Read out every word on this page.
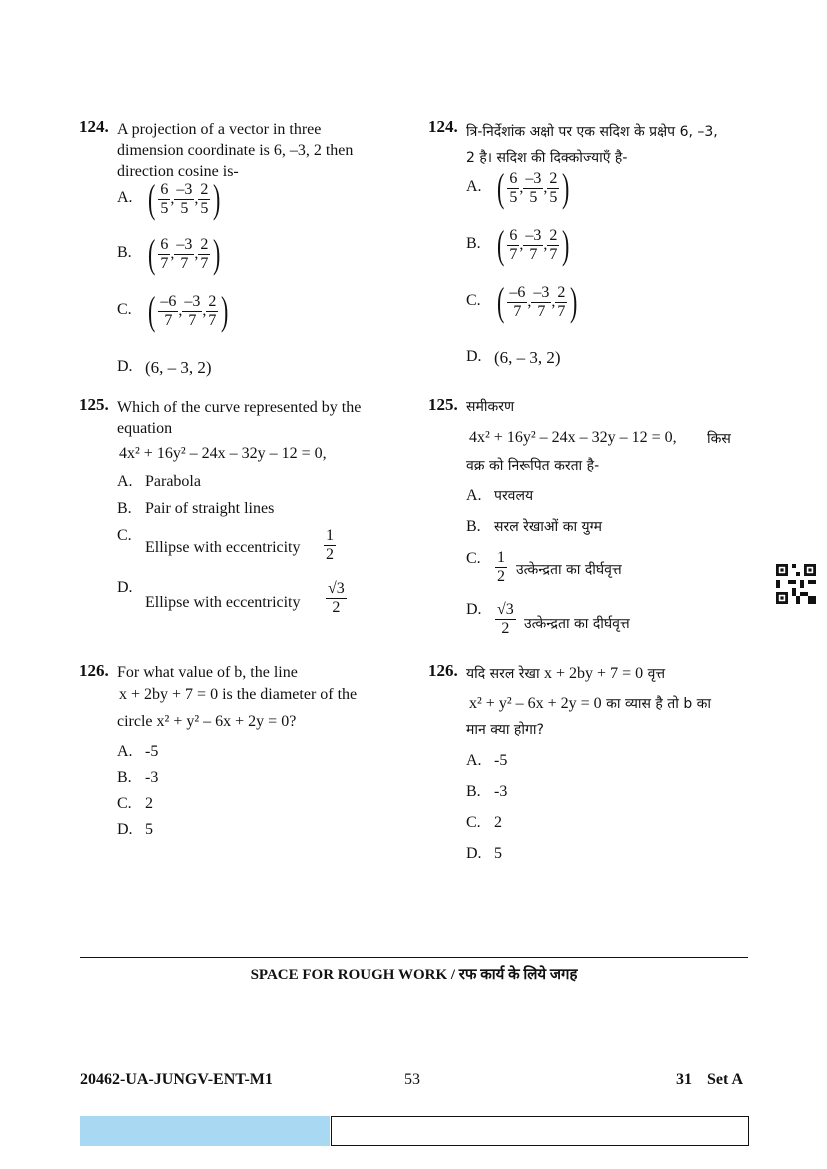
124. A projection of a vector in three
dimension coordinate is 6, –3, 2 then
direction cosine is-
A. ( $\frac{6}{5}$ , $\frac{-3}{5}$ , $\frac{2}{5}$ )
B. ( $\frac{6}{7}$ , $\frac{-3}{7}$ , $\frac{2}{7}$ )
C. ( $\frac{-6}{7}$ , $\frac{-3}{7}$ , $\frac{2}{7}$ )
D. (6, – 3, 2)
124. त्रि-निर्देशांक अक्षो पर एक सदिश के प्रक्षेप 6, –3,
2 है। सदिश की दिक्कोज्याएँ है-
A. ( $\frac{6}{5}$ , $\frac{-3}{5}$ , $\frac{2}{5}$ )
B. ( $\frac{6}{7}$ , $\frac{-3}{7}$ , $\frac{2}{7}$ )
C. ( $\frac{-6}{7}$ , $\frac{-3}{7}$ , $\frac{2}{7}$ )
D. (6, – 3, 2)
125. Which of the curve represented by the
equation
4x² + 16y² – 24x – 32y – 12 = 0,
A. Parabola
B. Pair of straight lines
C.
Ellipse with eccentricity $\frac{1}{2}$
D.
Ellipse with eccentricity $\frac{√3}{2}$
125. समीकरण
4x² + 16y² – 24x – 32y – 12 = 0, किस
वक्र को निरूपित करता है-
A. परवलय
B. सरल रेखाओं का युग्म
C. $\frac{1}{2}$ उत्केन्द्रता का दीर्घवृत्त
D. $\frac{√3}{2}$ उत्केन्द्रता का दीर्घवृत्त
126. For what value of b, the line
x + 2by + 7 = 0 is the diameter of the
circle x² + y² – 6x + 2y = 0?
A. -5
B. -3
C. 2
D. 5
126. यदि सरल रेखा x + 2by + 7 = 0 वृत्त
x² + y² – 6x + 2y = 0 का व्यास है तो b का
मान क्या होगा?
A. -5
B. -3
C. 2
D. 5
SPACE FOR ROUGH WORK / रफ कार्य के लिये जगह
20462-UA-JUNGV-ENT-M1	53	31 Set A
